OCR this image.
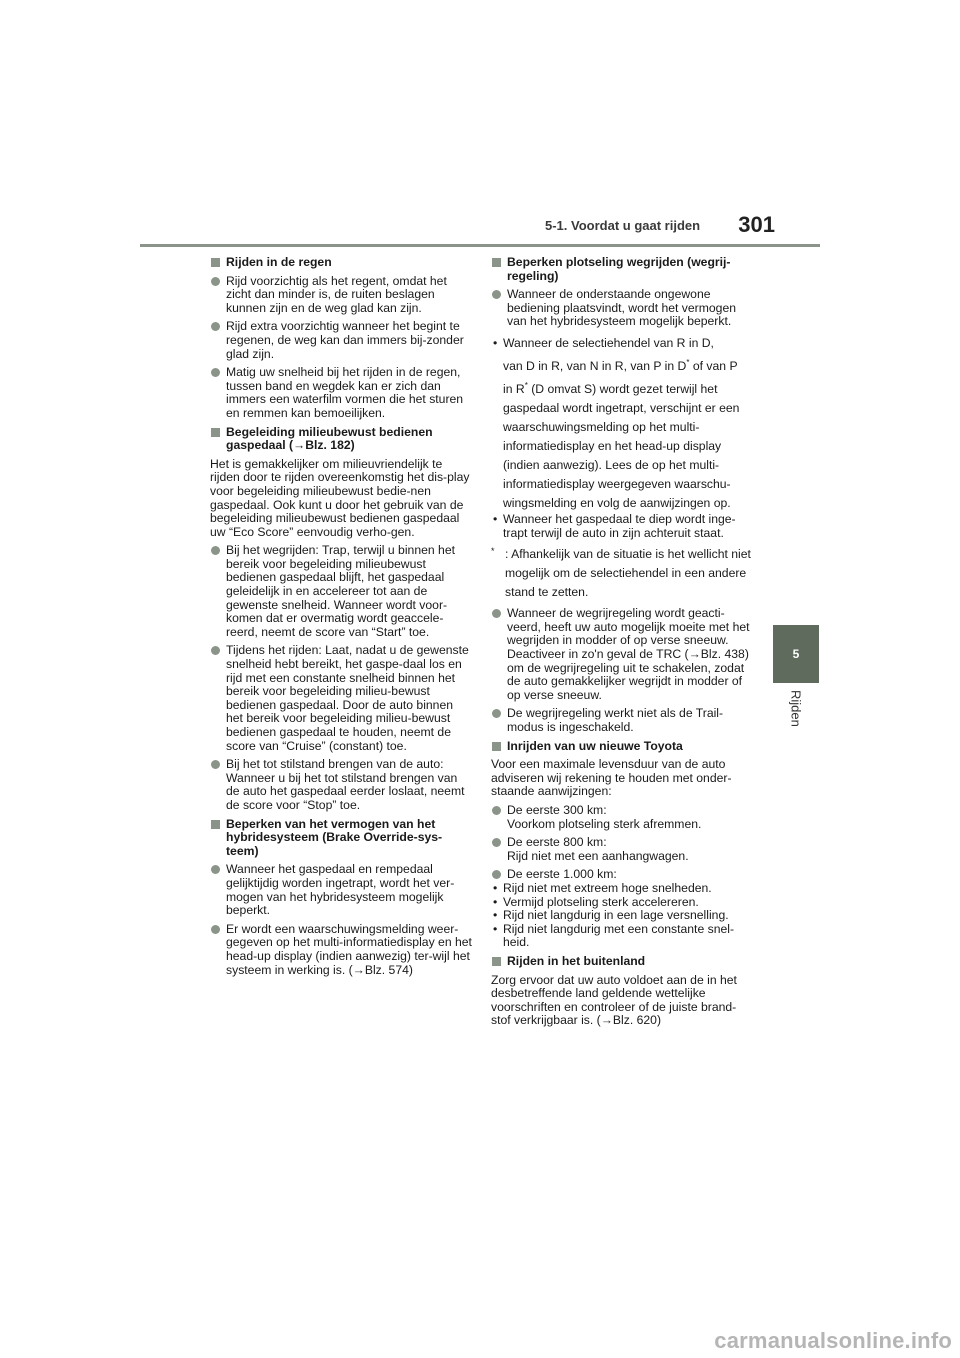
5-1. Voordat u gaat rijden 301
5
Rijden

Rijden in de regen

Rijd voorzichtig als het regent, omdat het zicht dan minder is, de ruiten beslagen kunnen zijn en de weg glad kan zijn.

Rijd extra voorzichtig wanneer het begint te regenen, de weg kan dan immers bij-zonder glad zijn.

Matig uw snelheid bij het rijden in de regen, tussen band en wegdek kan er zich dan immers een waterfilm vormen die het sturen en remmen kan bemoeilijken.

Begeleiding milieubewust bedienen gaspedaal (→Blz. 182)

Het is gemakkelijker om milieuvriendelijk te rijden door te rijden overeenkomstig het dis-play voor begeleiding milieubewust bedie-nen gaspedaal. Ook kunt u door het gebruik van de begeleiding milieubewust bedienen gaspedaal uw “Eco Score” eenvoudig verho-gen.

Bij het wegrijden: Trap, terwijl u binnen het bereik voor begeleiding milieubewust bedienen gaspedaal blijft, het gaspedaal geleidelijk in en accelereer tot aan de gewenste snelheid. Wanneer wordt voor-komen dat er overmatig wordt geaccele-reerd, neemt de score van “Start” toe.

Tijdens het rijden: Laat, nadat u de gewenste snelheid hebt bereikt, het gaspe-daal los en rijd met een constante snelheid binnen het bereik voor begeleiding milieu-bewust bedienen gaspedaal. Door de auto binnen het bereik voor begeleiding milieu-bewust bedienen gaspedaal te houden, neemt de score van “Cruise” (constant) toe.

Bij het tot stilstand brengen van de auto: Wanneer u bij het tot stilstand brengen van de auto het gaspedaal eerder loslaat, neemt de score voor “Stop” toe.

Beperken van het vermogen van het hybridesysteem (Brake Override-sys-teem)

Wanneer het gaspedaal en rempedaal gelijktijdig worden ingetrapt, wordt het ver-mogen van het hybridesysteem mogelijk beperkt.

Er wordt een waarschuwingsmelding weer-gegeven op het multi-informatiedisplay en het head-up display (indien aanwezig) ter-wijl het systeem in werking is. (→Blz. 574)

Beperken plotseling wegrijden (wegrij-regeling)

Wanneer de onderstaande ongewone bediening plaatsvindt, wordt het vermogen van het hybridesysteem mogelijk beperkt.

• Wanneer de selectiehendel van R in D,
van D in R, van N in R, van P in D* of van P
in R* (D omvat S) wordt gezet terwijl het gaspedaal wordt ingetrapt, verschijnt er een waarschuwingsmelding op het multi-informatiedisplay en het head-up display (indien aanwezig). Lees de op het multi-informatiedisplay weergegeven waarschu-wingsmelding en volg de aanwijzingen op.

• Wanneer het gaspedaal te diep wordt inge-trapt terwijl de auto in zijn achteruit staat.

* : Afhankelijk van de situatie is het wellicht niet mogelijk om de selectiehendel in een andere stand te zetten.

Wanneer de wegrijregeling wordt geacti-veerd, heeft uw auto mogelijk moeite met het wegrijden in modder of op verse sneeuw. Deactiveer in zo'n geval de TRC (→Blz. 438) om de wegrijregeling uit te schakelen, zodat de auto gemakkelijker wegrijdt in modder of op verse sneeuw.

De wegrijregeling werkt niet als de Trail-modus is ingeschakeld.

Inrijden van uw nieuwe Toyota

Voor een maximale levensduur van de auto adviseren wij rekening te houden met onder-staande aanwijzingen:

De eerste 300 km:
Voorkom plotseling sterk afremmen.

De eerste 800 km:
Rijd niet met een aanhangwagen.

De eerste 1.000 km:

• Rijd niet met extreem hoge snelheden.

• Vermijd plotseling sterk accelereren.

• Rijd niet langdurig in een lage versnelling.

• Rijd niet langdurig met een constante snel-heid.

Rijden in het buitenland

Zorg ervoor dat uw auto voldoet aan de in het desbetreffende land geldende wettelijke voorschriften en controleer of de juiste brand-stof verkrijgbaar is. (→Blz. 620)

carmanualsonline.info
